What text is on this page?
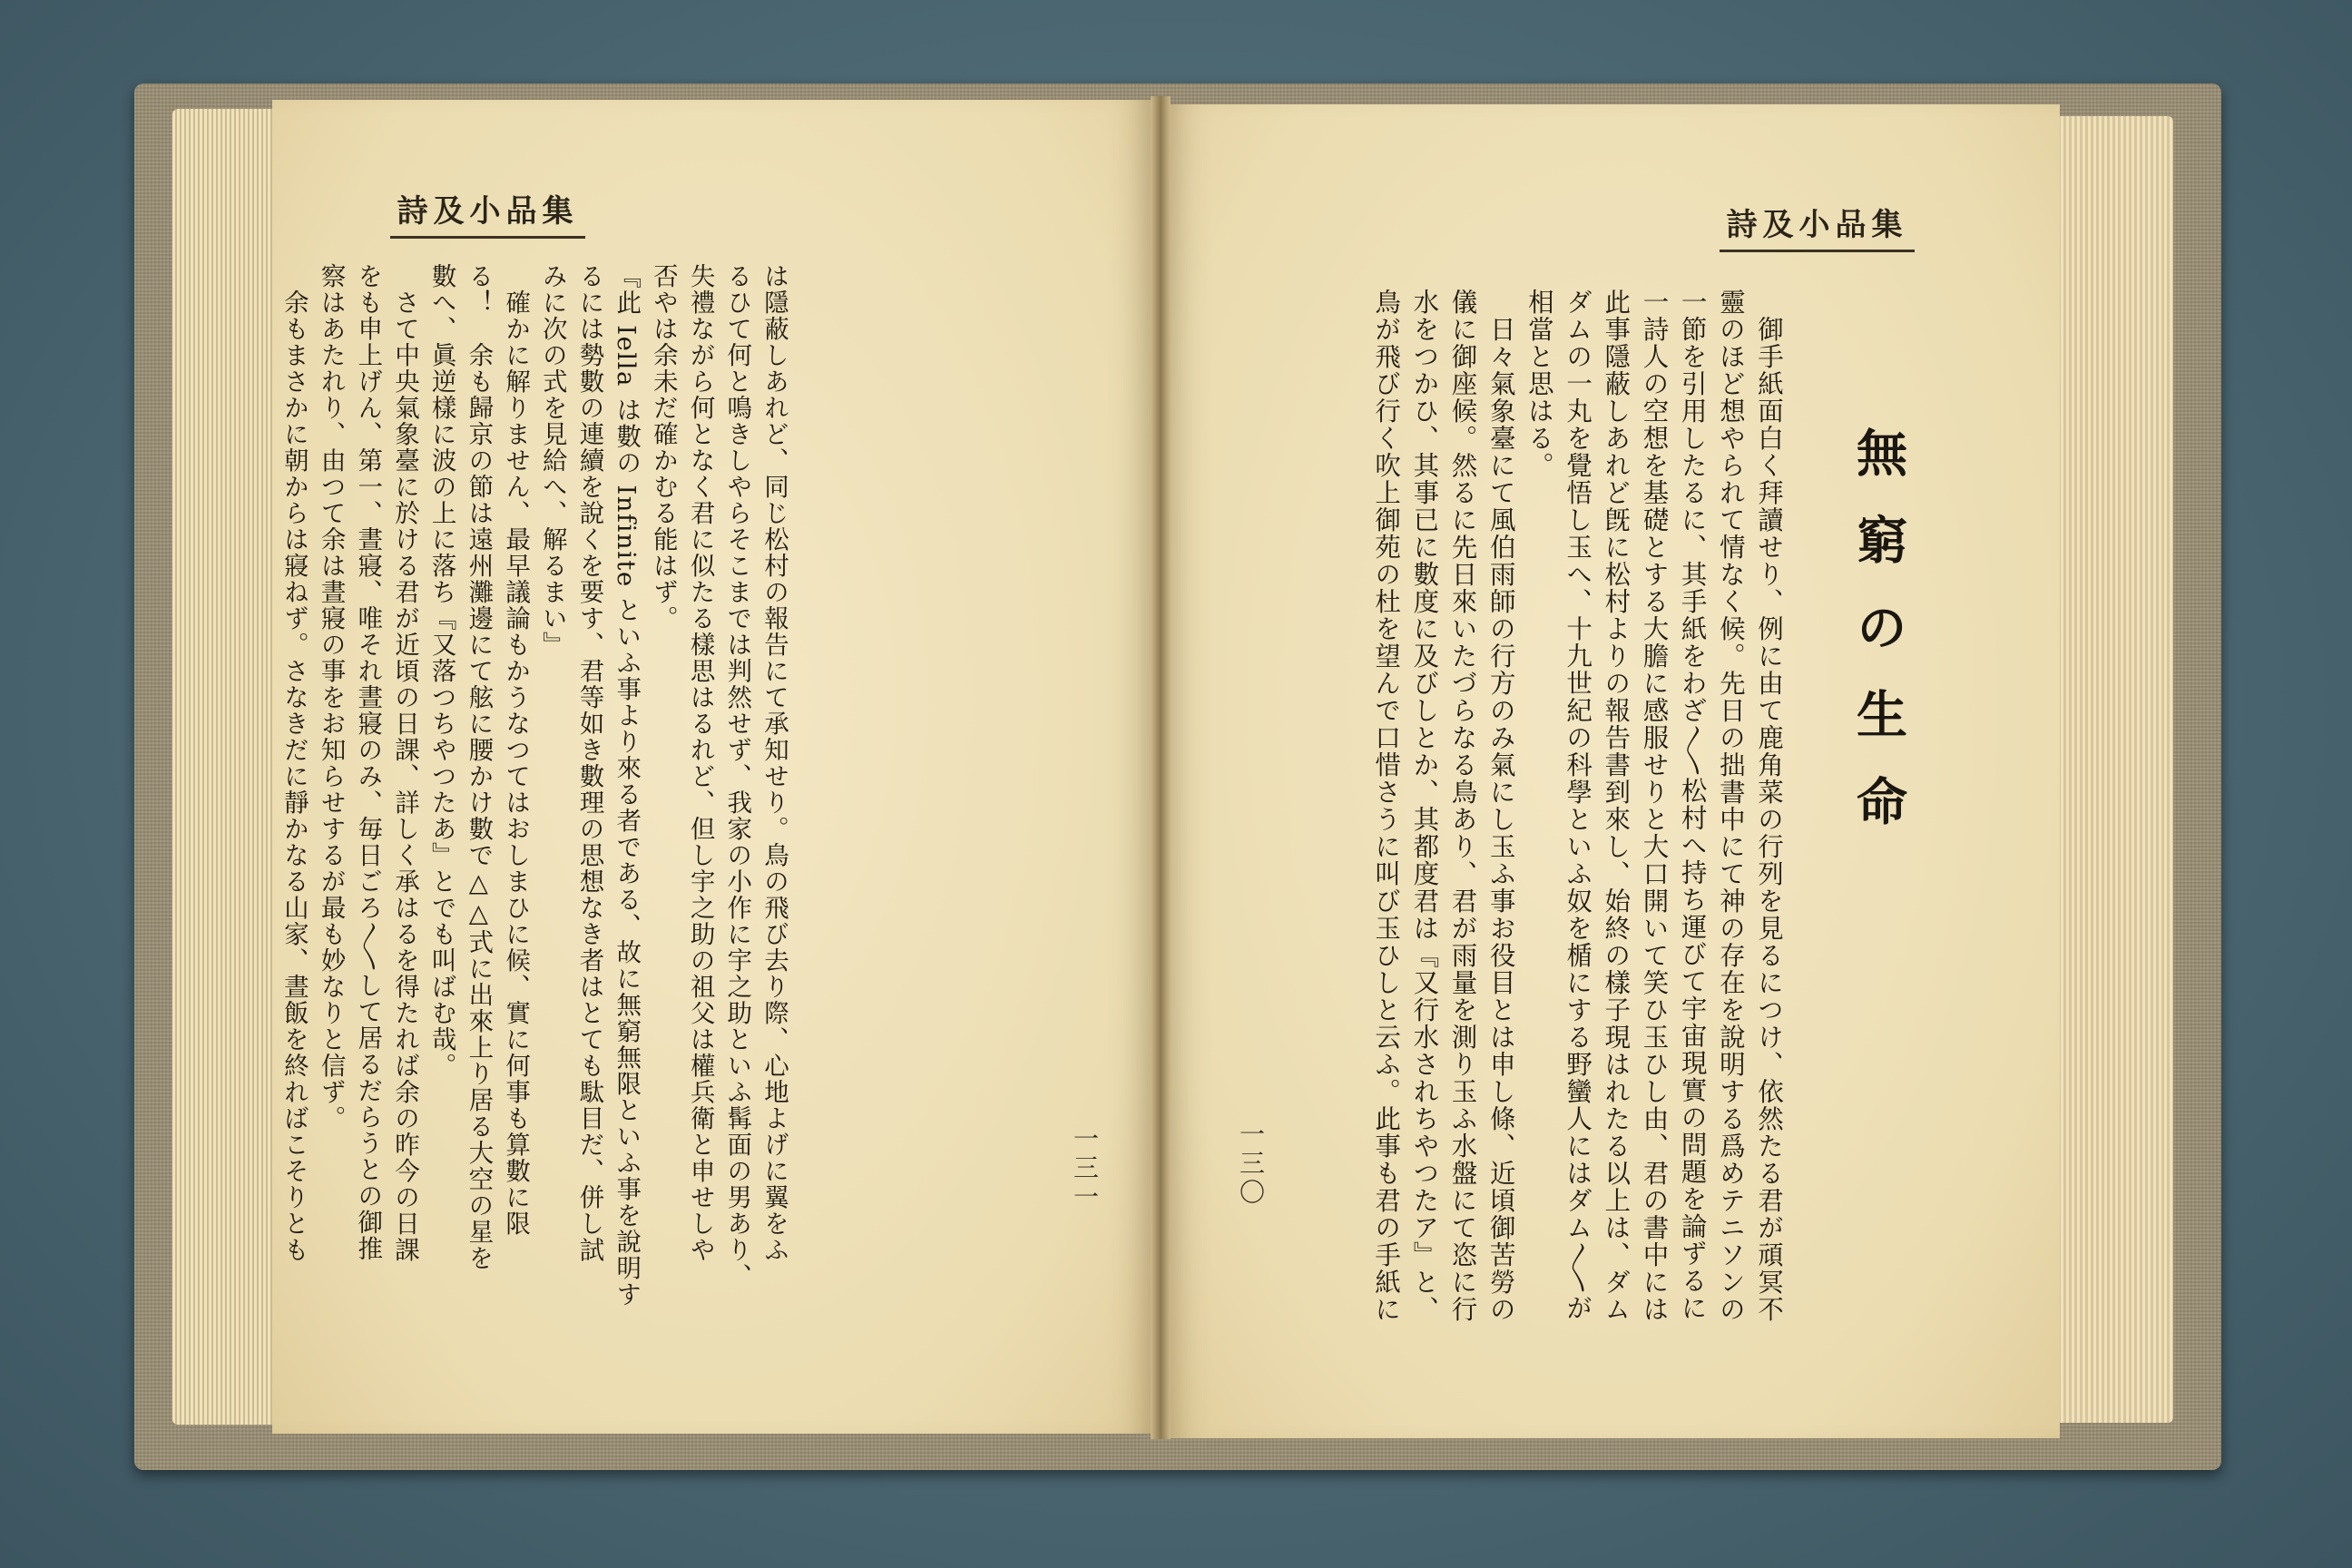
詩及小品集	詩及小品集
無窮の生命
は隱蔽しあれど、同じ松村の報告にて承知せり。鳥の飛び去り際、心地よげに翼をふ
るひて何と鳴きしやらそこまでは判然せず、我家の小作に宇之助といふ髯面の男あり、
失禮ながら何となく君に似たる樣思はるれど、但し宇之助の祖父は權兵衛と申せしや
否やは余未だ確かむる能はず。
『此 Iella は數の Infinite といふ事より來る者である、故に無窮無限といふ事を說明す
るには勢數の連續を說くを要す、君等如き數理の思想なき者はとても駄目だ、併し試
みに次の式を見給へ、解るまい』
　確かに解りません、最早議論もかうなつてはおしまひに候、實に何事も算數に限
る！　余も歸京の節は遠州灘邊にて舷に腰かけ數で△△式に出來上り居る大空の星を
數へ、眞逆樣に波の上に落ち『又落つちやつたあ』とでも叫ばむ哉。
　さて中央氣象臺に於ける君が近頃の日課、詳しく承はるを得たれば余の昨今の日課
をも申上げん、第一、晝寢、唯それ晝寢のみ、毎日ごろ〳〵して居るだらうとの御推
察はあたれり、由つて余は晝寢の事をお知らせするが最も妙なりと信ず。
　余もまさかに朝からは寢ねず。さなきだに靜かなる山家、晝飯を終ればこそりとも	　御手紙面白く拜讀せり、例に由て鹿角菜の行列を見るにつけ、依然たる君が頑冥不
靈のほど想やられて情なく候。先日の拙書中にて神の存在を說明する爲めテニソンの
一節を引用したるに、其手紙をわざ〳〵松村へ持ち運びて宇宙現實の問題を論ずるに
一詩人の空想を基礎とする大膽に感服せりと大口開いて笑ひ玉ひし由、君の書中には
此事隱蔽しあれど旣に松村よりの報告書到來し、始終の樣子現はれたる以上は、ダム
ダムの一丸を覺悟し玉へ、十九世紀の科學といふ奴を楯にする野蠻人にはダム〳〵が
相當と思はる。
　日々氣象臺にて風伯雨師の行方のみ氣にし玉ふ事お役目とは申し條、近頃御苦勞の
儀に御座候。然るに先日來いたづらなる鳥あり、君が雨量を測り玉ふ水盤にて恣に行
水をつかひ、其事已に數度に及びしとか、其都度君は『又行水されちやつたア』と、
鳥が飛び行く吹上御苑の杜を望んで口惜さうに叫び玉ひしと云ふ。此事も君の手紙に
一三一	一三〇
